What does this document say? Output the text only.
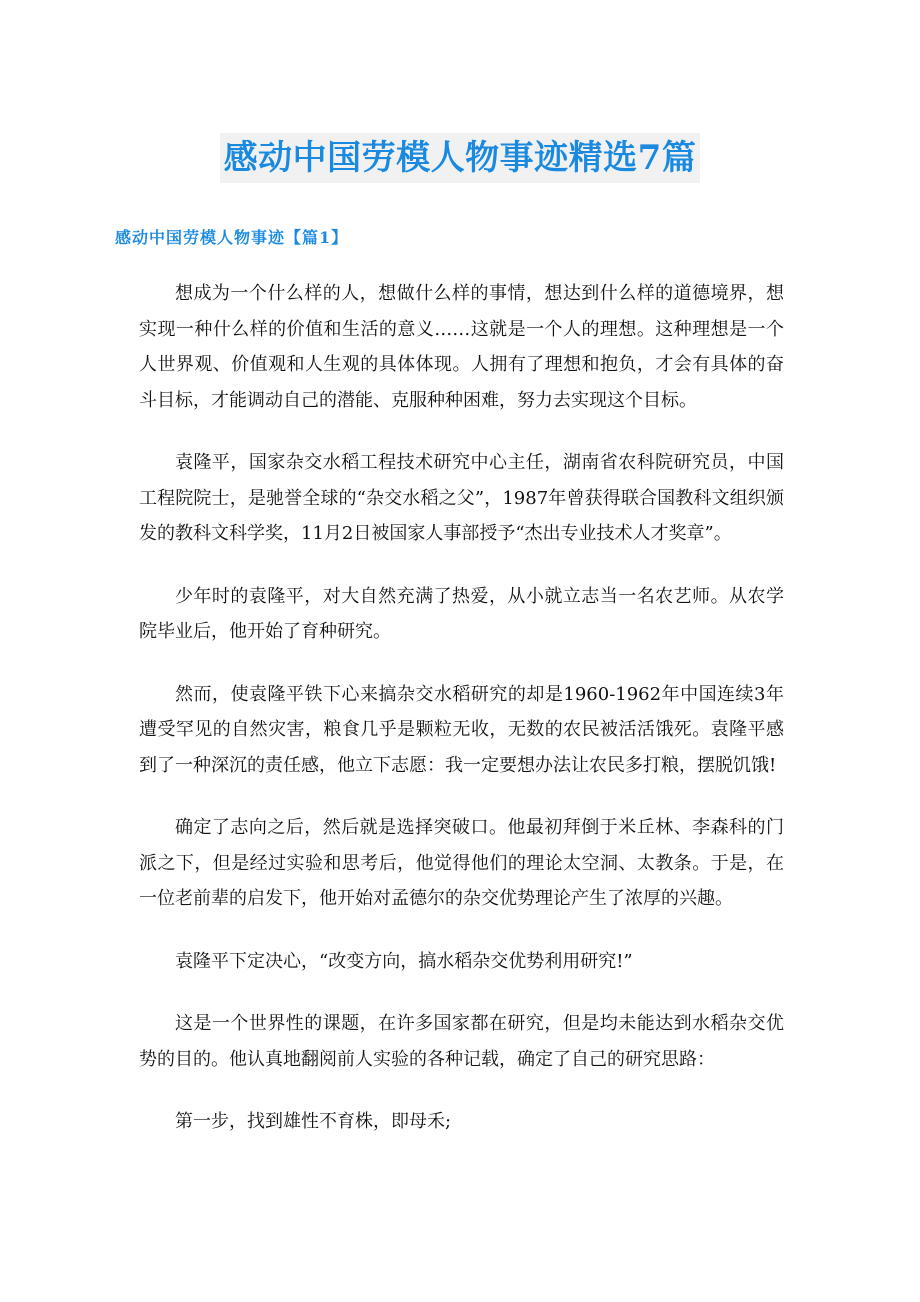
感动中国劳模人物事迹精选7篇
感动中国劳模人物事迹【篇1】

想成为一个什么样的人，想做什么样的事情，想达到什么样的道德境界，想实现一种什么样的价值和生活的意义……这就是一个人的理想。这种理想是一个人世界观、价值观和人生观的具体体现。人拥有了理想和抱负，才会有具体的奋斗目标，才能调动自己的潜能、克服种种困难，努力去实现这个目标。

袁隆平，国家杂交水稻工程技术研究中心主任，湖南省农科院研究员，中国工程院院士，是驰誉全球的“杂交水稻之父”，1987年曾获得联合国教科文组织颁发的教科文科学奖，11月2日被国家人事部授予“杰出专业技术人才奖章”。

少年时的袁隆平，对大自然充满了热爱，从小就立志当一名农艺师。从农学院毕业后，他开始了育种研究。

然而，使袁隆平铁下心来搞杂交水稻研究的却是1960-1962年中国连续3年遭受罕见的自然灾害，粮食几乎是颗粒无收，无数的农民被活活饿死。袁隆平感到了一种深沉的责任感，他立下志愿：我一定要想办法让农民多打粮，摆脱饥饿!

确定了志向之后，然后就是选择突破口。他最初拜倒于米丘林、李森科的门派之下，但是经过实验和思考后，他觉得他们的理论太空洞、太教条。于是，在一位老前辈的启发下，他开始对孟德尔的杂交优势理论产生了浓厚的兴趣。

袁隆平下定决心，“改变方向，搞水稻杂交优势利用研究!”

这是一个世界性的课题，在许多国家都在研究，但是均未能达到水稻杂交优势的目的。他认真地翻阅前人实验的各种记载，确定了自己的研究思路：

第一步，找到雄性不育株，即母禾;
